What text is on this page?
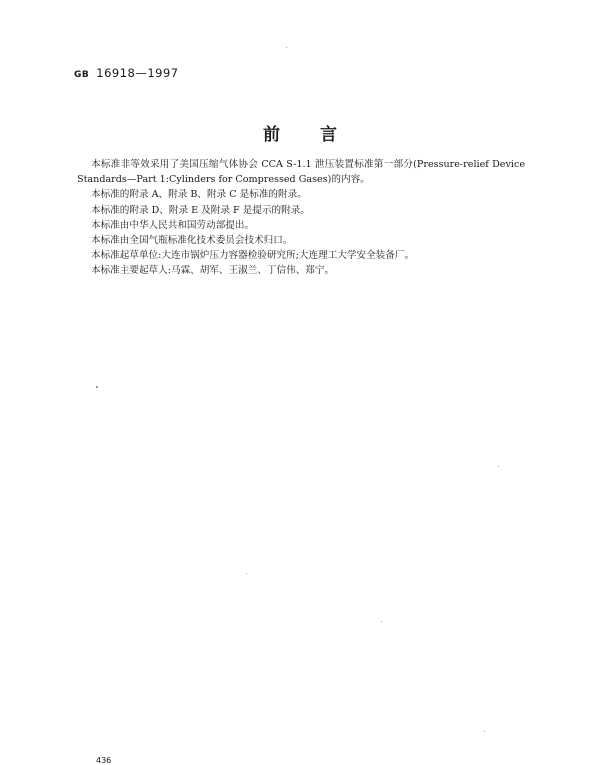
GB 16918—1997
前言

本标准非等效采用了美国压缩气体协会 CCA S-1.1 泄压装置标准第一部分(Pressure-relief Device Standards—Part 1:Cylinders for Compressed Gases)的内容。

本标准的附录 A、附录 B、附录 C 是标准的附录。

本标准的附录 D、附录 E 及附录 F 是提示的附录。

本标准由中华人民共和国劳动部提出。

本标准由全国气瓶标准化技术委员会技术归口。

本标准起草单位:大连市锅炉压力容器检验研究所;大连理工大学安全装备厂。

本标准主要起草人:马霖、胡军、王淑兰、丁信伟、郑宁。

436
